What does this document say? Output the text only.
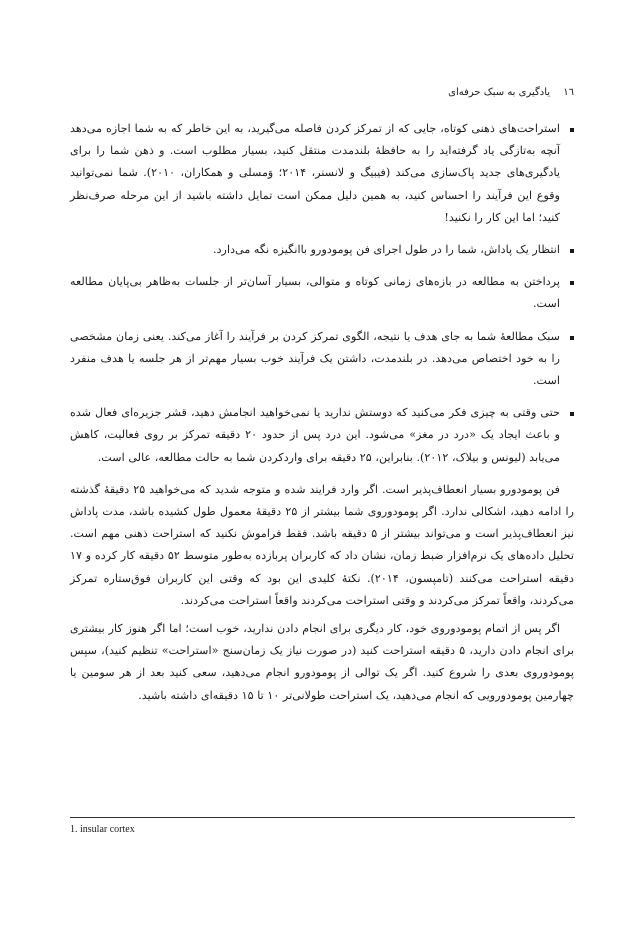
١٦ یادگیری به سبک حرفه‌ای
استراحت‌های ذهنی کوتاه، جایی که از تمرکز کردن فاصله می‌گیرید، به این خاطر که به شما اجازه می‌دهد آنچه به‌تازگی یاد گرفته‌اید را به حافظهٔ بلندمدت منتقل کنید، بسیار مطلوب است. و ذهن شما را برای یادگیری‌های جدید پاک‌سازی می‌کند (فیبیگ و لانسنر، ۲۰۱۴؛ وَمسلی و همکاران، ۲۰۱۰). شما نمی‌توانید وقوع این فرآیند را احساس کنید، به همین دلیل ممکن است تمایل داشته باشید از این مرحله صرف‌نظر کنید؛ اما این کار را نکنید!
انتظار یک پاداش، شما را در طول اجرای فن پومودورو باانگیزه نگه می‌دارد.
پرداختن به مطالعه در بازه‌های زمانی کوتاه و متوالی، بسیار آسان‌تر از جلسات به‌ظاهر بی‌پایان مطالعه است.
سبک مطالعهٔ شما به جای هدف یا نتیجه، الگوی تمرکز کردن بر فرآیند را آغاز می‌کند. یعنی زمان مشخصی را به خود اختصاص می‌دهد. در بلندمدت، داشتن یک فرآیند خوب بسیار مهم‌تر از هر جلسه یا هدف منفرد است.
حتی وقتی به چیزی فکر می‌کنید که دوستش ندارید یا نمی‌خواهید انجامش دهید، قشر جزیره‌ای فعال شده و باعث ایجاد یک «درد در مغز» می‌شود. این درد پس از حدود ۲۰ دقیقه تمرکز بر روی فعالیت، کاهش می‌یابد (لیونس و بیلاک، ۲۰۱۲). بنابراین، ۲۵ دقیقه برای واردکردن شما به حالت مطالعه، عالی است.

فن پومودورو بسیار انعطاف‌پذیر است. اگر وارد فرایند شده و متوجه شدید که می‌خواهید ۲۵ دقیقهٔ گذشته را ادامه دهید، اشکالی ندارد. اگر پومودوروی شما بیشتر از ۲۵ دقیقهٔ معمول طول کشیده باشد، مدت پاداش نیز انعطاف‌پذیر است و می‌تواند بیشتر از ۵ دقیقه باشد. فقط فراموش نکنید که استراحت ذهنی مهم است. تحلیل داده‌های یک نرم‌افزار ضبط زمان، نشان داد که کاربران پربازده به‌طور متوسط ۵۲ دقیقه کار کرده و ۱۷ دقیقه استراحت می‌کنند (تامپسون، ۲۰۱۴). نکتهٔ کلیدی این بود که وقتی این کاربران فوق‌ستاره تمرکز می‌کردند، واقعاً تمرکز می‌کردند و وقتی استراحت می‌کردند واقعاً استراحت می‌کردند.

اگر پس از اتمام پومودوروی خود، کار دیگری برای انجام دادن ندارید، خوب است؛ اما اگر هنوز کار بیشتری برای انجام دادن دارید، ۵ دقیقه استراحت کنید (در صورت نیاز یک زمان‌سنج «استراحت» تنظیم کنید)، سپس پومودوروی بعدی را شروع کنید. اگر یک توالی از پومودورو انجام می‌دهید، سعی کنید بعد از هر سومین یا چهارمین پومودورویی که انجام می‌دهید، یک استراحت طولانی‌تر ۱۰ تا ۱۵ دقیقه‌ای داشته باشید.

1. insular cortex
